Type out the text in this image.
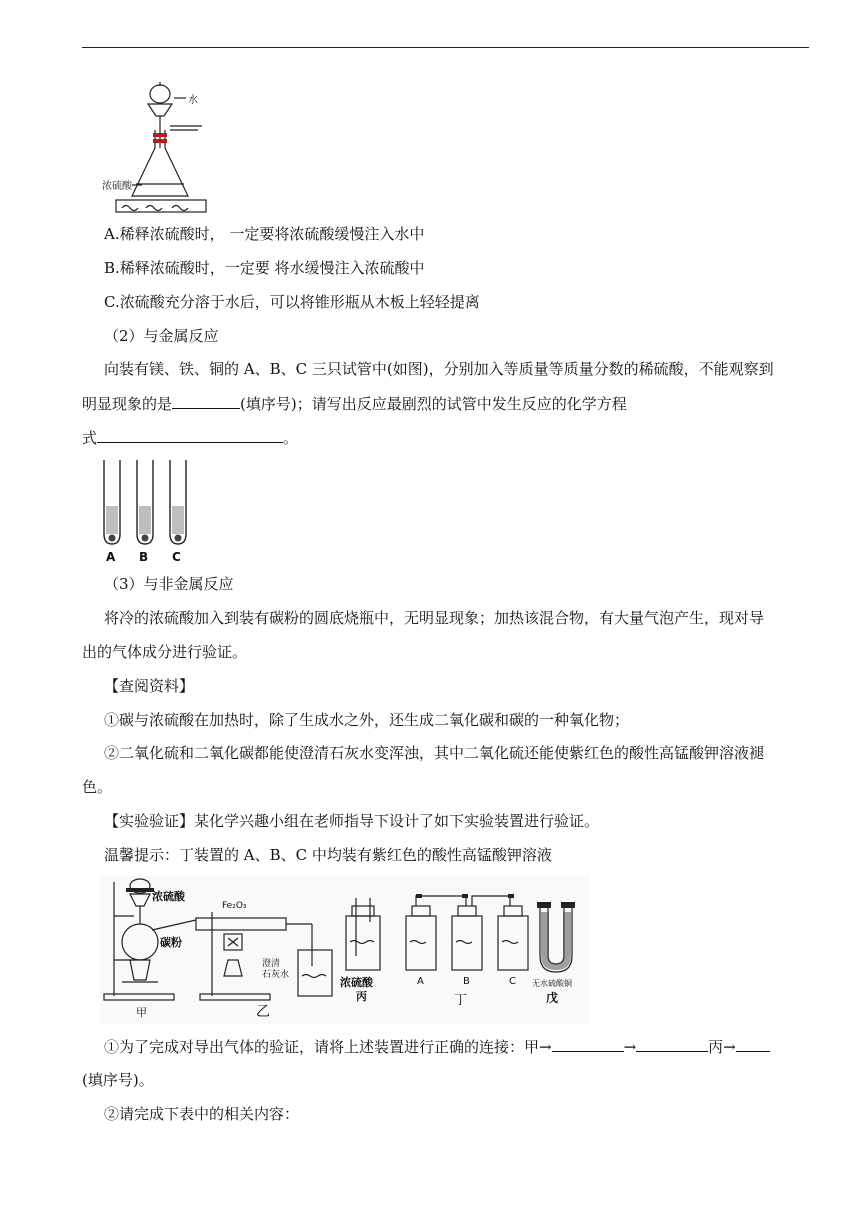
水
浓硫酸
A.稀释浓硫酸时， 一定要将浓硫酸缓慢注入水中
B.稀释浓硫酸时，一定要 将水缓慢注入浓硫酸中
C.浓硫酸充分溶于水后，可以将锥形瓶从木板上轻轻提离
（2）与金属反应
向装有镁、铁、铜的 A、B、C 三只试管中(如图)，分别加入等质量等质量分数的稀硫酸，不能观察到
明显现象的是	(填序号)；请写出反应最剧烈的试管中发生反应的化学方程
式	。
A B C
（3）与非金属反应
将冷的浓硫酸加入到装有碳粉的圆底烧瓶中，无明显现象；加热该混合物，有大量气泡产生，现对导
出的气体成分进行验证。
【查阅资料】
①碳与浓硫酸在加热时，除了生成水之外，还生成二氧化碳和碳的一种氧化物；
②二氧化硫和二氧化碳都能使澄清石灰水变浑浊，其中二氧化硫还能使紫红色的酸性高锰酸钾溶液褪
色。
【实验验证】某化学兴趣小组在老师指导下设计了如下实验装置进行验证。
温馨提示：丁装置的 A、B、C 中均装有紫红色的酸性高锰酸钾溶液
浓硫酸
碳粉
甲
Fe₂O₃
澄清
石灰水
乙
浓硫酸
丙
A	B	C
丁
无水硫酸铜
戊
①为了完成对导出气体的验证，请将上述装置进行正确的连接：甲→	→	丙→
(填序号)。
②请完成下表中的相关内容：
